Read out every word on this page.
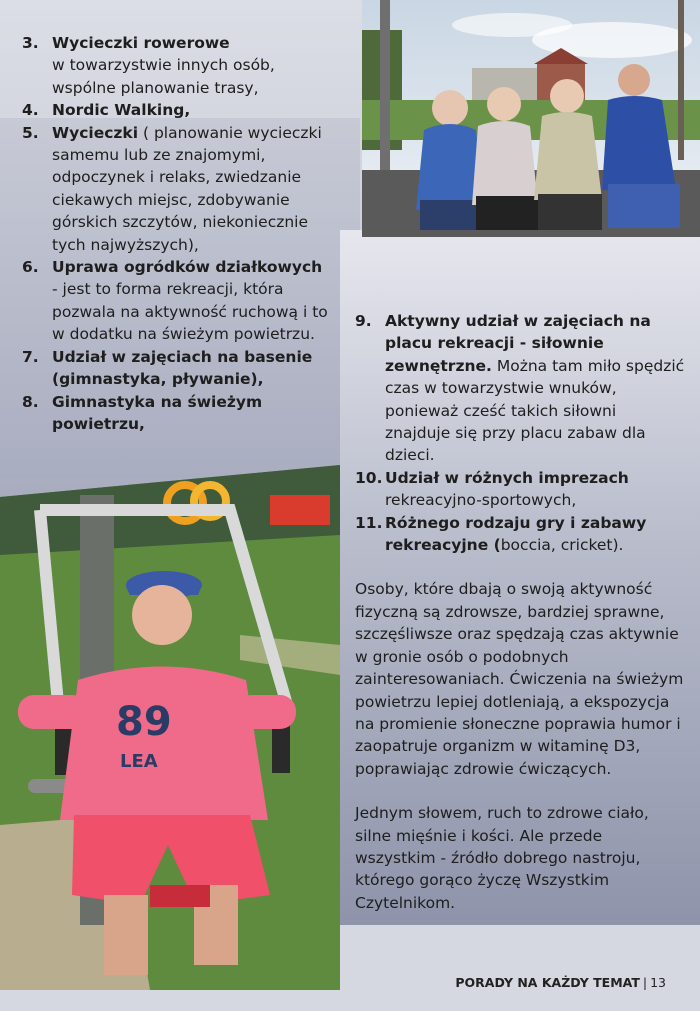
89
LEA
3. Wycieczki rowerowe
w towarzystwie innych osób, wspólne planowanie trasy,
4. Nordic Walking,
5. Wycieczki ( planowanie wycieczki samemu lub ze znajomymi, odpoczynek i relaks, zwiedzanie ciekawych miejsc, zdobywanie górskich szczytów, niekoniecznie tych najwyższych),
6. Uprawa ogródków działkowych - jest to forma rekreacji, która pozwala na aktywność ruchową i to w dodatku na świeżym powietrzu.
7. Udział w zajęciach na basenie (gimnastyka, pływanie),
8. Gimnastyka na świeżym powietrzu,
9. Aktywny udział w zajęciach na placu rekreacji - siłownie zewnętrzne. Można tam miło spędzić czas w towarzystwie wnuków, ponieważ cześć takich siłowni znajduje się przy placu zabaw dla dzieci.
10. Udział w różnych imprezach rekreacyjno-sportowych,
11. Różnego rodzaju gry i zabawy rekreacyjne (boccia, cricket).

Osoby, które dbają o swoją aktywność fizyczną są zdrowsze, bardziej sprawne, szczęśliwsze oraz spędzają czas aktywnie w gronie osób o podobnych zainteresowaniach. Ćwiczenia na świeżym powietrzu lepiej dotleniają, a ekspozycja na promienie słoneczne poprawia humor i zaopatruje organizm w witaminę D3, poprawiając zdrowie ćwiczących.

Jednym słowem, ruch to zdrowe ciało, silne mięśnie i kości. Ale przede wszystkim - źródło dobrego nastroju, którego gorąco życzę Wszystkim Czytelnikom.

PORADY NA KAŻDY TEMAT | 13
